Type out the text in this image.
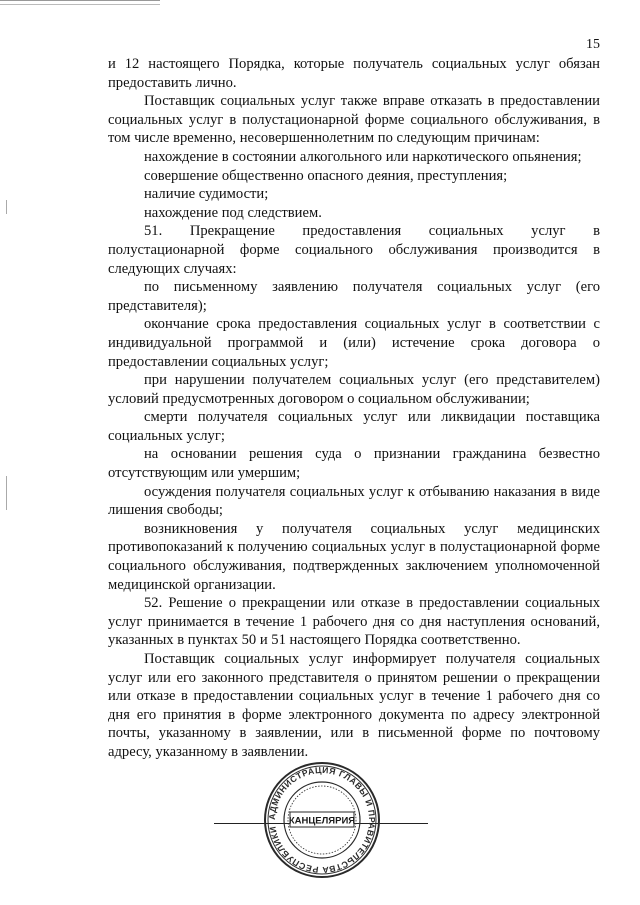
15

и 12 настоящего Порядка, которые получатель социальных услуг обязан предоставить лично.

Поставщик социальных услуг также вправе отказать в предоставлении социальных услуг в полустационарной форме социального обслуживания, в том числе временно, несовершеннолетним по следующим причинам:

нахождение в состоянии алкогольного или наркотического опьянения;

совершение общественно опасного деяния, преступления;

наличие судимости;

нахождение под следствием.

51. Прекращение предоставления социальных услуг в полустационарной форме социального обслуживания производится в следующих случаях:

по письменному заявлению получателя социальных услуг (его представителя);

окончание срока предоставления социальных услуг в соответствии с индивидуальной программой и (или) истечение срока договора о предоставлении социальных услуг;

при нарушении получателем социальных услуг (его представителем) условий предусмотренных договором о социальном обслуживании;

смерти получателя социальных услуг или ликвидации поставщика социальных услуг;

на основании решения суда о признании гражданина безвестно отсутствующим или умершим;

осуждения получателя социальных услуг к отбыванию наказания в виде лишения свободы;

возникновения у получателя социальных услуг медицинских противопоказаний к получению социальных услуг в полустационарной форме социального обслуживания, подтвержденных заключением уполномоченной медицинской организации.

52. Решение о прекращении или отказе в предоставлении социальных услуг принимается в течение 1 рабочего дня со дня наступления оснований, указанных в пунктах 50 и 51 настоящего Порядка соответственно.

Поставщик социальных услуг информирует получателя социальных услуг или его законного представителя о принятом решении о прекращении или отказе в предоставлении социальных услуг в течение 1 рабочего дня со дня его принятия в форме электронного документа по адресу электронной почты, указанному в заявлении, или в письменной форме по почтовому адресу, указанному в заявлении.

АДМИНИСТРАЦИЯ ГЛАВЫ И ПРАВИТЕЛЬСТВА РЕСПУБЛИКИ
КАНЦЕЛЯРИЯ
